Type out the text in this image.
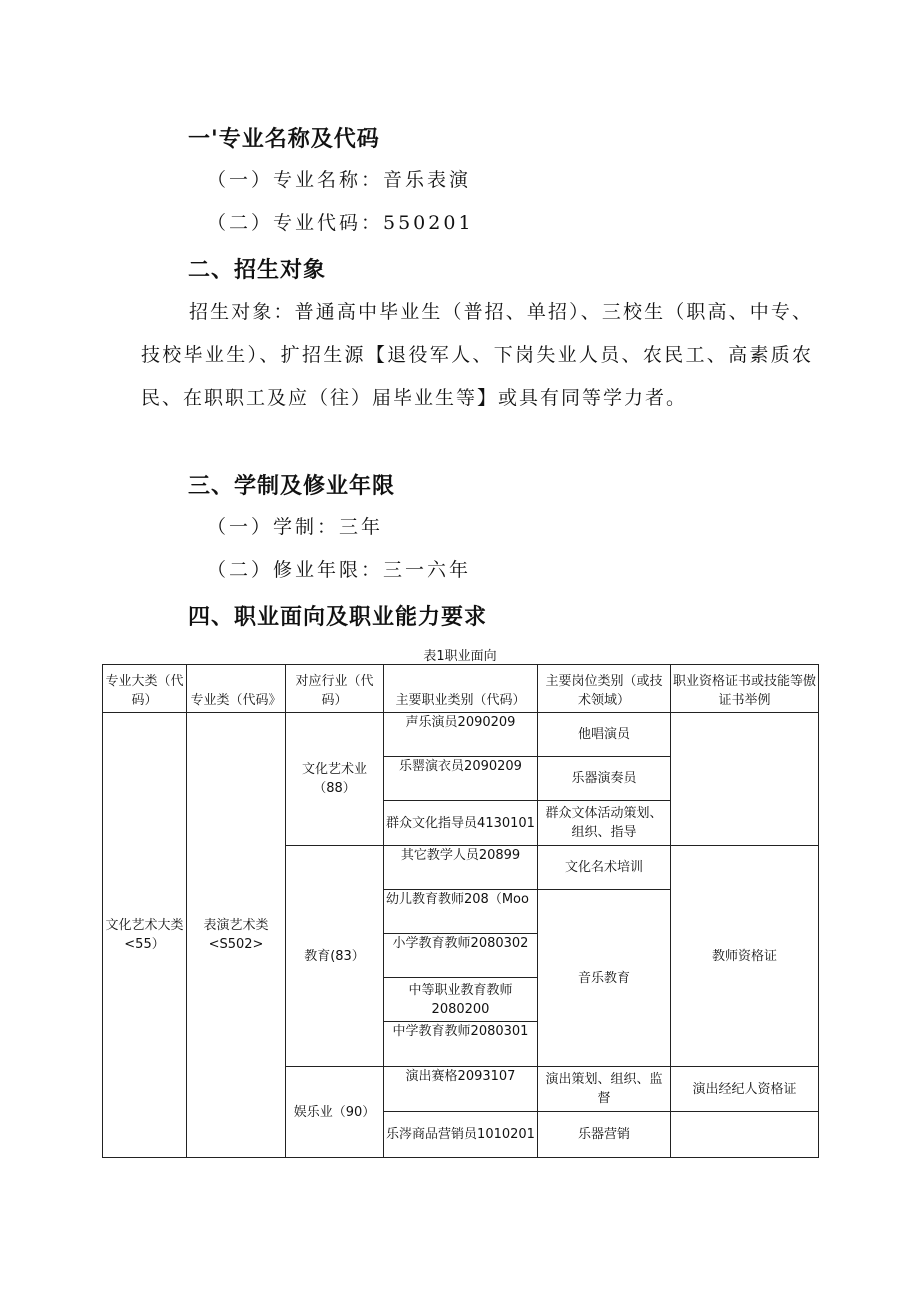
一'专业名称及代码
（一）专业名称：音乐表演
（二）专业代码：550201
二、招生对象

招生对象：普通高中毕业生（普招、单招）、三校生（职高、中专、技校毕业生）、扩招生源【退役军人、下岗失业人员、农民工、高素质农民、在职职工及应（往）届毕业生等】或具有同等学力者。

三、学制及修业年限
（一）学制：三年
（二）修业年限：三一六年
四、职业面向及职业能力要求
表1职业面向
专业大类（代码）	专业类（代码》	对应行业（代码）	主要职业类别（代码）	主要岗位类别（或技术领域）	职业资格证书或技能等傲证书举例
文化艺术大类<55）	表演艺术类<S502>	文化艺术业（88）	声乐演员2090209	他唱演员	
			乐罂演衣员2090209	乐器演奏员	
			群众文化指导员4130101	群众文体活动策划、组织、指导	
		教育(83）	其它教学人员20899	文化名术培训	教师资格证
			幼儿教育教师208（Moo	音乐教育	
			小学教育教师2080302		
			中等职业教育教师2080200		
			中学教育教师2080301		
		娱乐业（90）	演出赛格2093107	演出策划、组织、监督	演出经纪人资格证
			乐涔商品营销员1010201	乐器营销	
